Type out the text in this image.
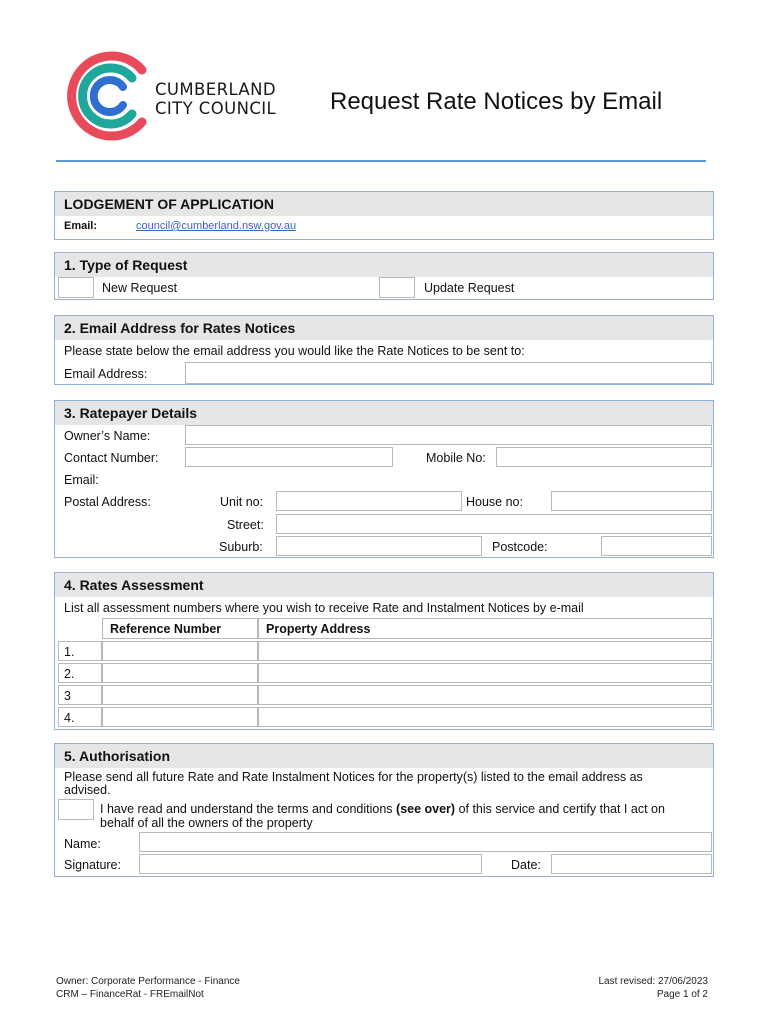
CUMBERLAND
CITY COUNCIL Request Rate Notices by Email
LODGEMENT OF APPLICATION
Email:	council@cumberland.nsw.gov.au
1. Type of Request
New Request	Update Request
2. Email Address for Rates Notices
Please state below the email address you would like the Rate Notices to be sent to:
Email Address:
3. Ratepayer Details
Owner’s Name:
Contact Number:	Mobile No:
Email:
Postal Address:	Unit no:	House no:
Street:
Suburb:	Postcode:
4. Rates Assessment
List all assessment numbers where you wish to receive Rate and Instalment Notices by e-mail
Reference Number	Property Address
1.
2.
3
4.
5. Authorisation
Please send all future Rate and Rate Instalment Notices for the property(s) listed to the email address as
advised.
I have read and understand the terms and conditions (see over) of this service and certify that I act on
behalf of all the owners of the property
Name:
Signature:	Date:
Owner: Corporate Performance - Finance
CRM – FinanceRat - FREmailNot
Last revised: 27/06/2023
Page 1 of 2
